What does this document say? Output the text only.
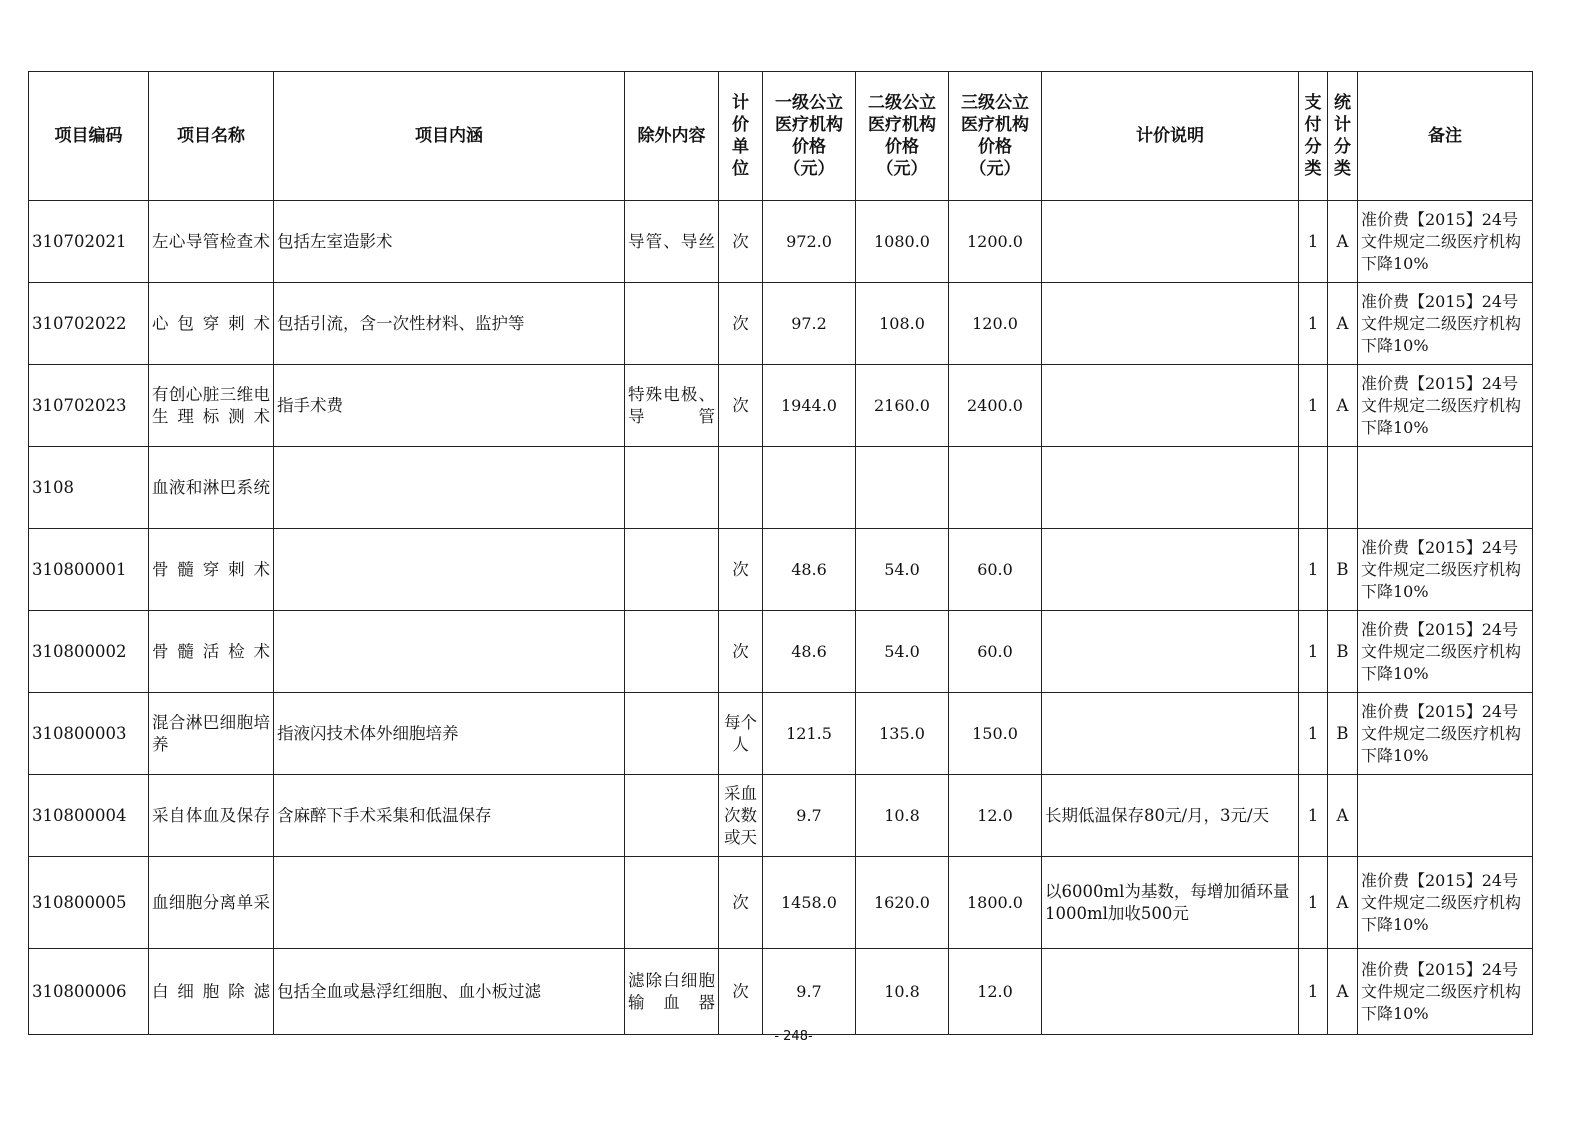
项目编码	项目名称	项目内涵	除外内容	计价单位	一级公立医疗机构价格（元）	二级公立医疗机构价格（元）	三级公立医疗机构价格（元）	计价说明	支付分类	统计分类	备注
310702021	左心导管检查术	包括左室造影术	导管、导丝	次	972.0	1080.0	1200.0		1	A	准价费【2015】24号文件规定二级医疗机构下降10%
310702022	心包穿刺术	包括引流，含一次性材料、监护等		次	97.2	108.0	120.0		1	A	准价费【2015】24号文件规定二级医疗机构下降10%
310702023	有创心脏三维电生理标测术	指手术费	特殊电极、导管	次	1944.0	2160.0	2400.0		1	A	准价费【2015】24号文件规定二级医疗机构下降10%
3108	血液和淋巴系统										
310800001	骨髓穿刺术			次	48.6	54.0	60.0		1	B	准价费【2015】24号文件规定二级医疗机构下降10%
310800002	骨髓活检术			次	48.6	54.0	60.0		1	B	准价费【2015】24号文件规定二级医疗机构下降10%
310800003	混合淋巴细胞培养	指液闪技术体外细胞培养		每个人	121.5	135.0	150.0		1	B	准价费【2015】24号文件规定二级医疗机构下降10%
310800004	采自体血及保存	含麻醉下手术采集和低温保存		采血次数或天	9.7	10.8	12.0	长期低温保存80元/月，3元/天	1	A	
310800005	血细胞分离单采			次	1458.0	1620.0	1800.0	以6000ml为基数，每增加循环量1000ml加收500元	1	A	准价费【2015】24号文件规定二级医疗机构下降10%
310800006	白细胞除滤	包括全血或悬浮红细胞、血小板过滤	滤除白细胞输血器	次	9.7	10.8	12.0		1	A	准价费【2015】24号文件规定二级医疗机构下降10%
- 248-
